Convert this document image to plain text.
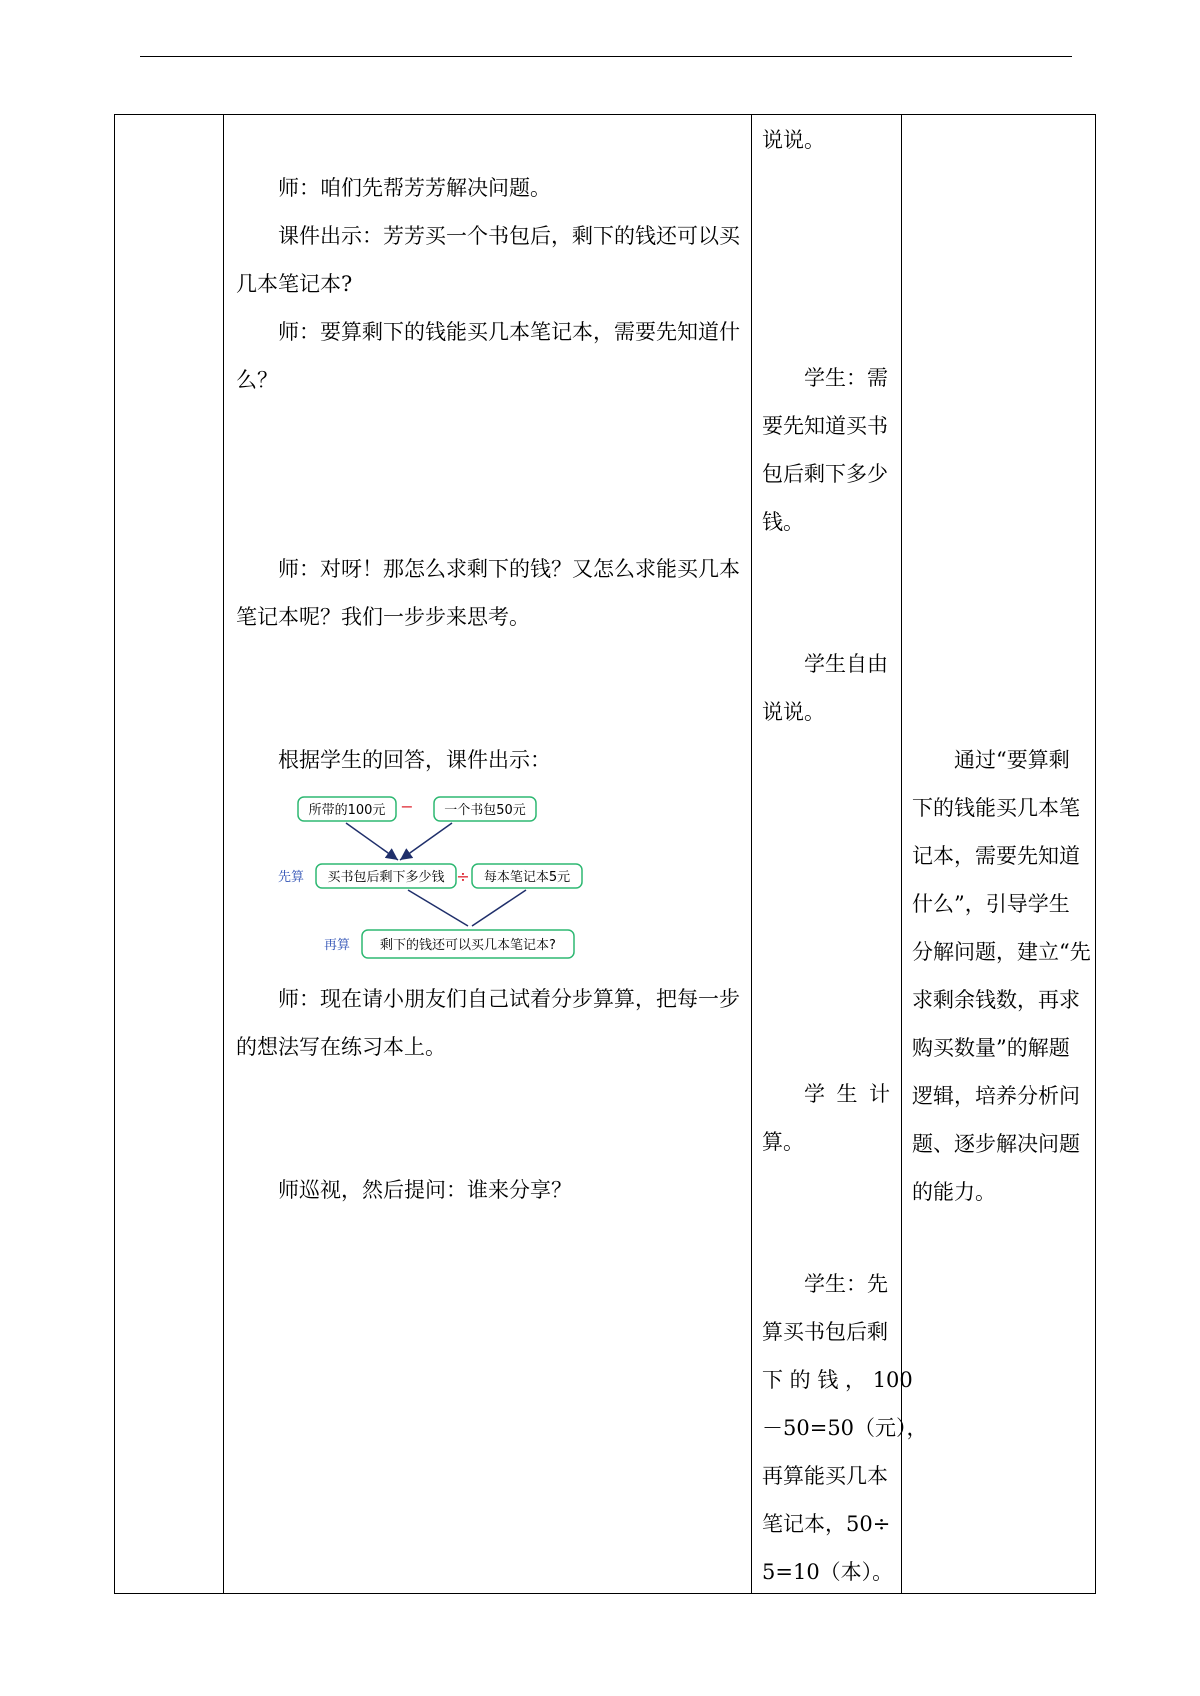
师：咱们先帮芳芳解决问题。
课件出示：芳芳买一个书包后，剩下的钱还可以买
几本笔记本?
师：要算剩下的钱能买几本笔记本，需要先知道什
么？
师：对呀！那怎么求剩下的钱？又怎么求能买几本
笔记本呢？我们一步步来思考。
根据学生的回答，课件出示：
师：现在请小朋友们自己试着分步算算，把每一步
的想法写在练习本上。
师巡视，然后提问：谁来分享？
所带的100元 − 一个书包50元
先算 买书包后剩下多少钱 ÷ 每本笔记本5元
再算 剩下的钱还可以买几本笔记本?
说说。
学生：需
要先知道买书
包后剩下多少
钱。
学生自由
说说。
学 生 计
算。
学生：先
算买书包后剩
下 的 钱 ， 100
－50=50（元），
再算能买几本
笔记本，50÷
5=10（本）。
通过“要算剩
下的钱能买几本笔
记本，需要先知道
什么”，引导学生
分解问题，建立“先
求剩余钱数，再求
购买数量”的解题
逻辑，培养分析问
题、逐步解决问题
的能力。
